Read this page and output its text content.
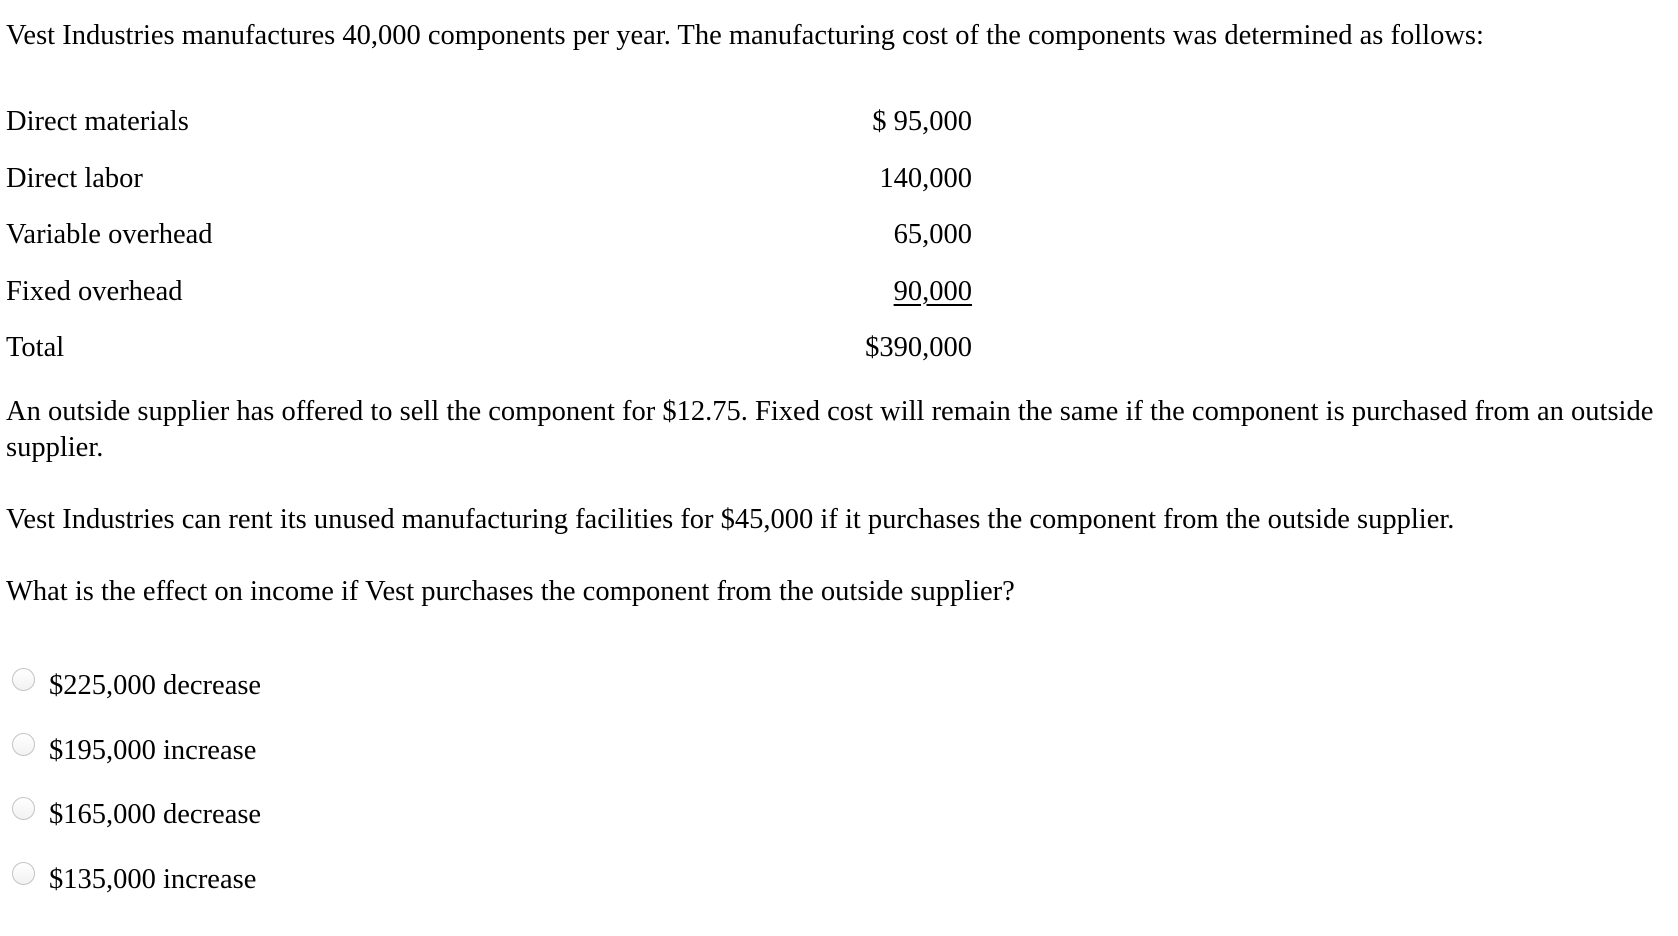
Vest Industries manufactures 40,000 components per year. The manufacturing cost of the components was determined as follows:
Direct materials	$ 95,000
Direct labor	140,000
Variable overhead	65,000
Fixed overhead	90,000
Total	$390,000
An outside supplier has offered to sell the component for $12.75. Fixed cost will remain the same if the component is purchased from an outside supplier.
Vest Industries can rent its unused manufacturing facilities for $45,000 if it purchases the component from the outside supplier.
What is the effect on income if Vest purchases the component from the outside supplier?
$225,000 decrease
$195,000 increase
$165,000 decrease
$135,000 increase
